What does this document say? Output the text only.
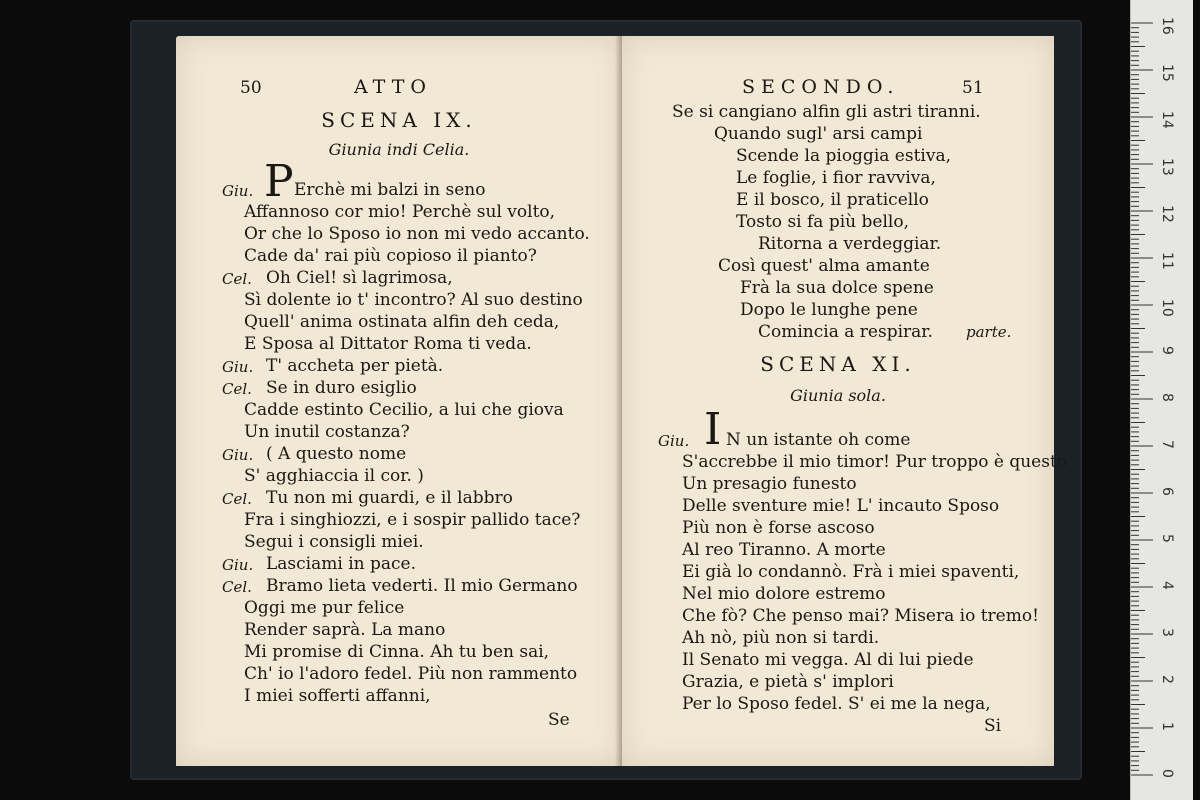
50	ATTO
SCENA IX.
Giunia indi Celia.
Giu. P Erchè mi balzi in seno
Affannoso cor mio! Perchè sul volto,
Or che lo Sposo io non mi vedo accanto.
Cade da' rai più copioso il pianto?
Cel. Oh Ciel! sì lagrimosa,
Sì dolente io t' incontro? Al suo destino
Quell' anima ostinata alfin deh ceda,
E Sposa al Dittator Roma ti veda.
Giu. T' accheta per pietà.
Cel. Se in duro esiglio
Cadde estinto Cecilio, a lui che giova
Un inutil costanza?
Giu. ( A questo nome
S' agghiaccia il cor. )
Cel. Tu non mi guardi, e il labbro
Fra i singhiozzi, e i sospir pallido tace?
Segui i consigli miei.
Giu. Lasciami in pace.
Cel. Bramo lieta vederti. Il mio Germano
Oggi me pur felice
Render saprà. La mano
Mi promise di Cinna. Ah tu ben sai,
Ch' io l'adoro fedel. Più non rammento
I miei sofferti affanni,
Se
SECONDO.	51
Se si cangiano alfin gli astri tiranni.
Quando sugl' arsi campi
Scende la pioggia estiva,
Le foglie, i fior ravviva,
E il bosco, il praticello
Tosto si fa più bello,
Ritorna a verdeggiar.
Così quest' alma amante
Frà la sua dolce spene
Dopo le lunghe pene
Comincia a respirar. parte.
SCENA XI.
Giunia sola.
Giu. I N un istante oh come
S'accrebbe il mio timor! Pur troppo è questo
Un presagio funesto
Delle sventure mie! L' incauto Sposo
Più non è forse ascoso
Al reo Tiranno. A morte
Ei già lo condannò. Frà i miei spaventi,
Nel mio dolore estremo
Che fò? Che penso mai? Misera io tremo!
Ah nò, più non si tardi.
Il Senato mi vegga. Al di lui piede
Grazia, e pietà s' implori
Per lo Sposo fedel. S' ei me la nega,
Si
0
1
2
3
4
5
6
7
8
9
10
11
12
13
14
15
16
